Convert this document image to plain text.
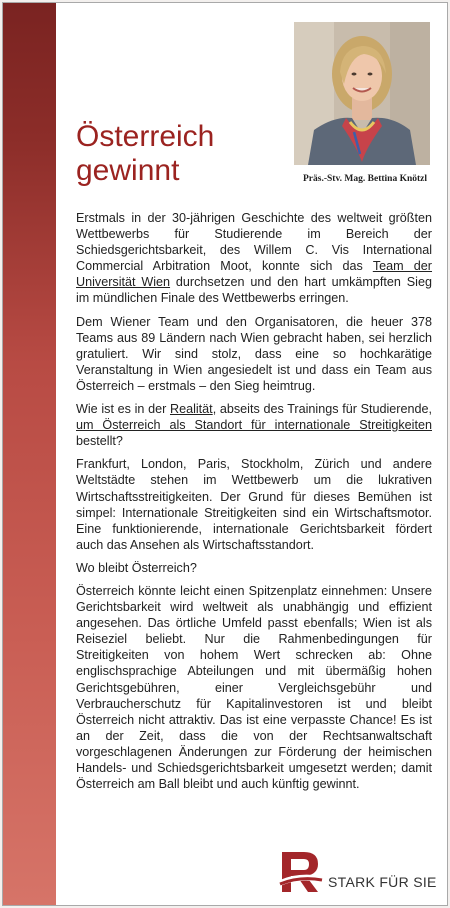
Präs.-Stv. Mag. Bettina Knötzl
Österreich
gewinnt

Erstmals in der 30-jährigen Geschichte des weltweit größten Wettbewerbs für Studierende im Bereich der Schiedsgerichtsbarkeit, des Willem C. Vis International Commercial Arbitration Moot, konnte sich das Team der Universität Wien durchsetzen und den hart umkämpften Sieg im mündlichen Finale des Wettbewerbs erringen.

Dem Wiener Team und den Organisatoren, die heuer 378 Teams aus 89 Ländern nach Wien gebracht haben, sei herzlich gratuliert. Wir sind stolz, dass eine so hochkarätige Veranstaltung in Wien angesiedelt ist und dass ein Team aus Österreich – erstmals – den Sieg heimtrug.

Wie ist es in der Realität, abseits des Trainings für Studierende, um Österreich als Standort für internationale Streitigkeiten bestellt?

Frankfurt, London, Paris, Stockholm, Zürich und andere Weltstädte stehen im Wettbewerb um die lukrativen Wirtschaftsstreitigkeiten. Der Grund für dieses Bemühen ist simpel: Internationale Streitigkeiten sind ein Wirtschaftsmotor. Eine funktionierende, internationale Gerichtsbarkeit fördert auch das Ansehen als Wirtschaftsstandort.

Wo bleibt Österreich?

Österreich könnte leicht einen Spitzenplatz einnehmen: Unsere Gerichtsbarkeit wird weltweit als unabhängig und effizient angesehen. Das örtliche Umfeld passt ebenfalls; Wien ist als Reiseziel beliebt. Nur die Rahmenbedingungen für Streitigkeiten von hohem Wert schrecken ab: Ohne englischsprachige Abteilungen und mit übermäßig hohen Gerichtsgebühren, einer Vergleichsgebühr und Verbraucherschutz für Kapitalinvestoren ist und bleibt Österreich nicht attraktiv. Das ist eine verpasste Chance! Es ist an der Zeit, dass die von der Rechtsanwaltschaft vorgeschlagenen Änderungen zur Förderung der heimischen Handels- und Schiedsgerichtsbarkeit umgesetzt werden; damit Österreich am Ball bleibt und auch künftig gewinnt.

STARK FÜR SIE
